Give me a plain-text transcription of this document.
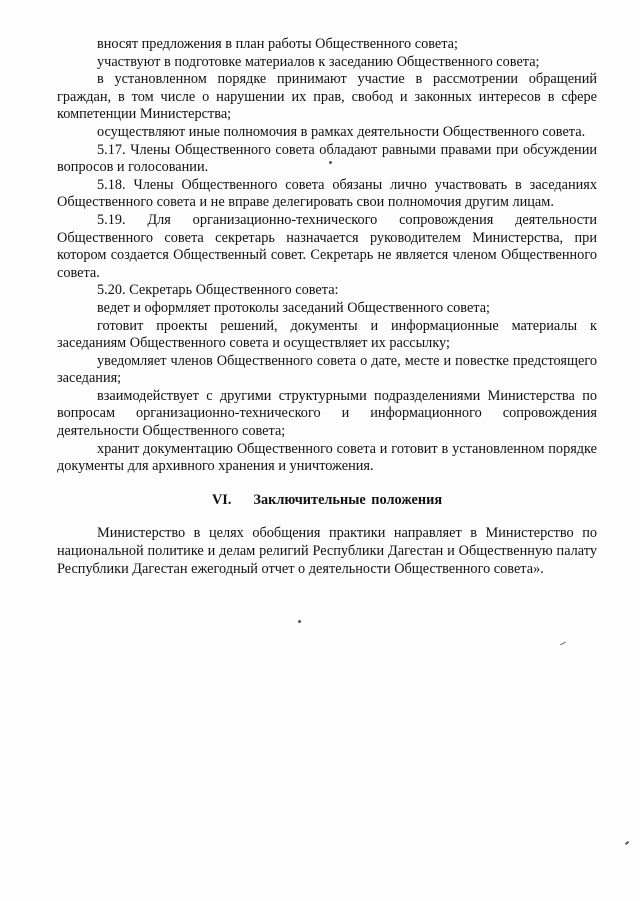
вносят предложения в план работы Общественного совета;

участвуют в подготовке материалов к заседанию Общественного совета;

в установленном порядке принимают участие в рассмотрении обращений граждан, в том числе о нарушении их прав, свобод и законных интересов в сфере компетенции Министерства;

осуществляют иные полномочия в рамках деятельности Общественного совета.

5.17. Члены Общественного совета обладают равными правами при обсуждении вопросов и голосовании.

5.18. Члены Общественного совета обязаны лично участвовать в заседаниях Общественного совета и не вправе делегировать свои полномочия другим лицам.

5.19. Для организационно-технического сопровождения деятельности Общественного совета секретарь назначается руководителем Министерства, при котором создается Общественный совет. Секретарь не является членом Общественного совета.

5.20. Секретарь Общественного совета:

ведет и оформляет протоколы заседаний Общественного совета;

готовит проекты решений, документы и информационные материалы к заседаниям Общественного совета и осуществляет их рассылку;

уведомляет членов Общественного совета о дате, месте и повестке предстоящего заседания;

взаимодействует с другими структурными подразделениями Министерства по вопросам организационно-технического и информационного сопровождения деятельности Общественного совета;

хранит документацию Общественного совета и готовит в установленном порядке документы для архивного хранения и уничтожения.

VI. Заключительные положения

Министерство в целях обобщения практики направляет в Министерство по национальной политике и делам религий Республики Дагестан и Общественную палату Республики Дагестан ежегодный отчет о деятельности Общественного совета».
